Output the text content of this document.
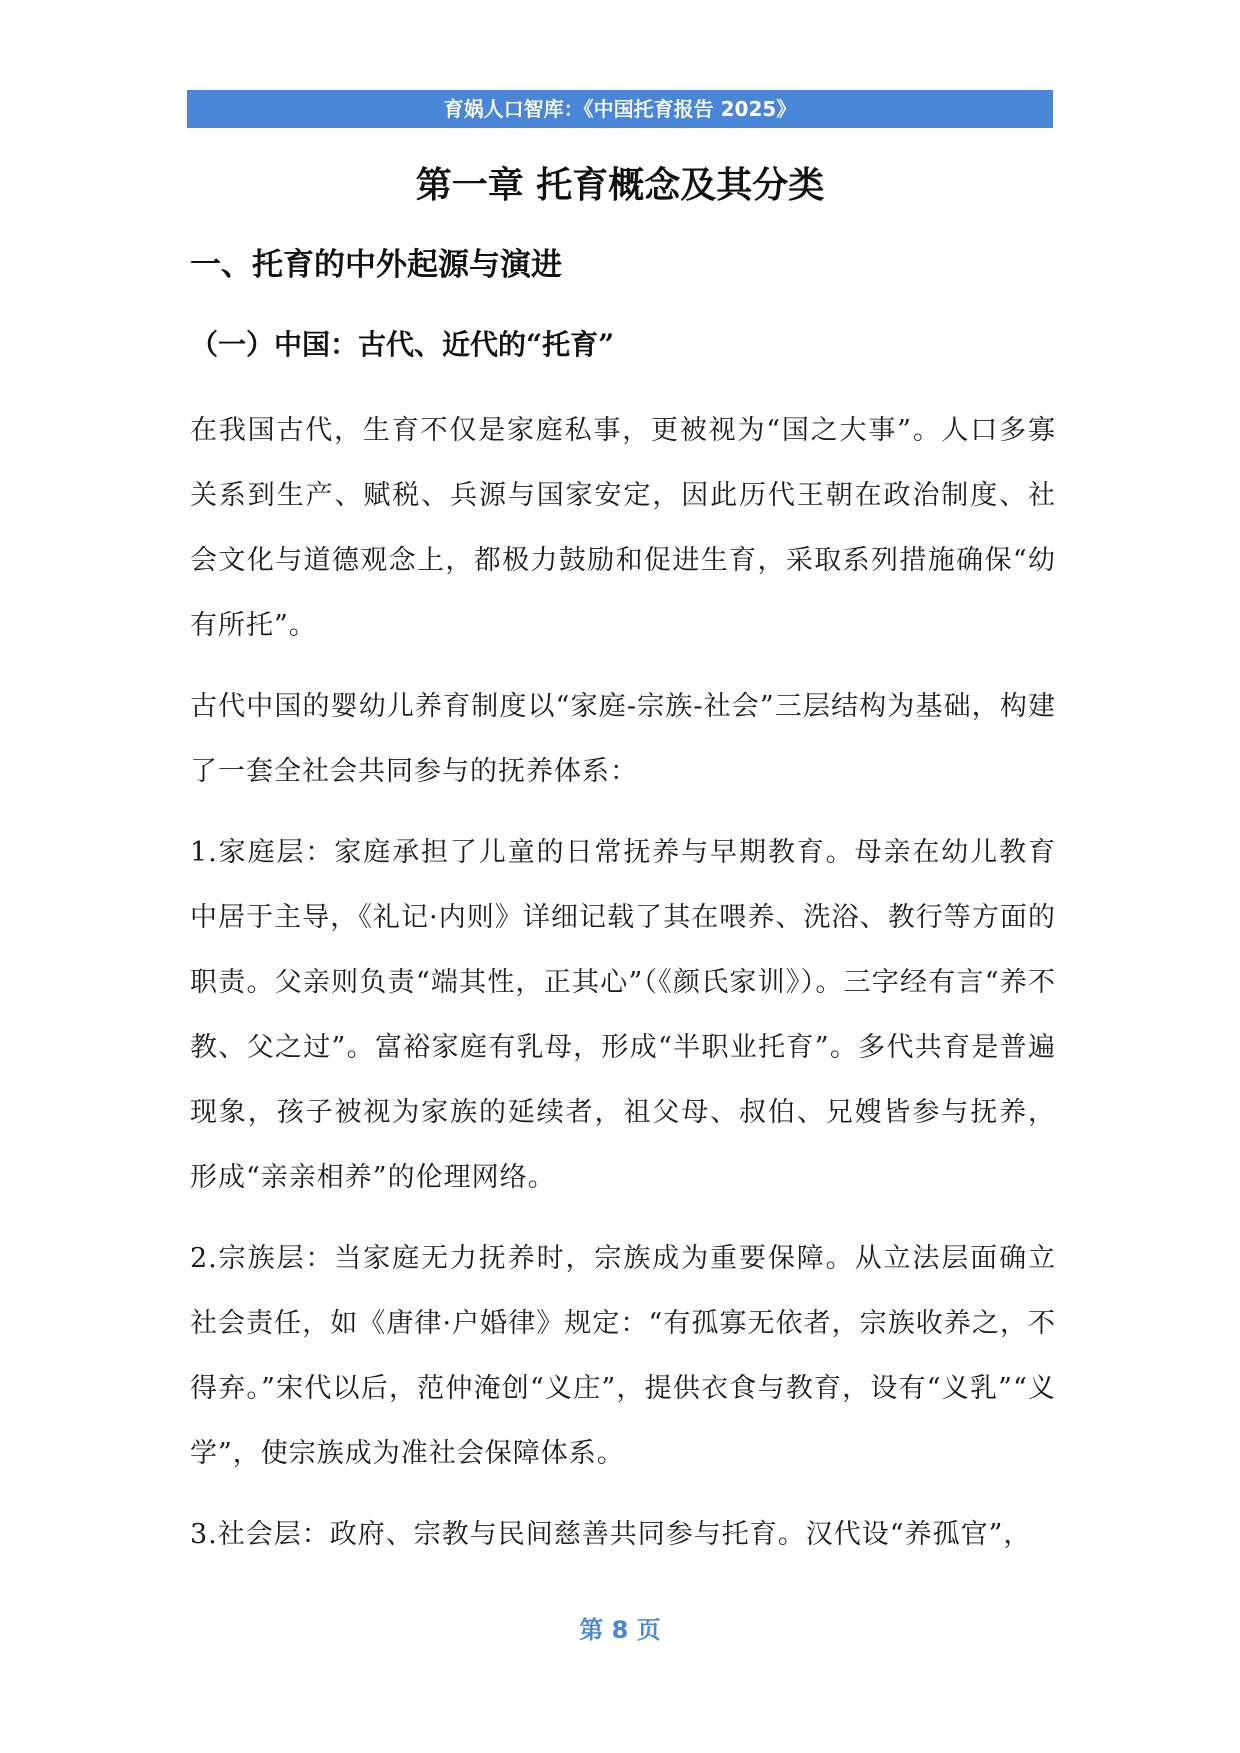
育娲人口智库：《中国托育报告 2025》
第一章 托育概念及其分类
一、托育的中外起源与演进
（一）中国：古代、近代的“托育”

在我国古代，生育不仅是家庭私事，更被视为“国之大事”。人口多寡关系到生产、赋税、兵源与国家安定，因此历代王朝在政治制度、社会文化与道德观念上，都极力鼓励和促进生育，采取系列措施确保“幼有所托”。

古代中国的婴幼儿养育制度以“家庭-宗族-社会”三层结构为基础，构建了一套全社会共同参与的抚养体系：

1.家庭层：家庭承担了儿童的日常抚养与早期教育。母亲在幼儿教育中居于主导，《礼记·内则》详细记载了其在喂养、洗浴、教行等方面的职责。父亲则负责“端其性，正其心”（《颜氏家训》）。三字经有言“养不教、父之过”。富裕家庭有乳母，形成“半职业托育”。多代共育是普遍现象，孩子被视为家族的延续者，祖父母、叔伯、兄嫂皆参与抚养，形成“亲亲相养”的伦理网络。

2.宗族层：当家庭无力抚养时，宗族成为重要保障。从立法层面确立社会责任，如《唐律·户婚律》规定：“有孤寡无依者，宗族收养之，不得弃。”宋代以后，范仲淹创“义庄”，提供衣食与教育，设有“义乳”“义学”，使宗族成为准社会保障体系。

3.社会层：政府、宗教与民间慈善共同参与托育。汉代设“养孤官”，

第 8 页
